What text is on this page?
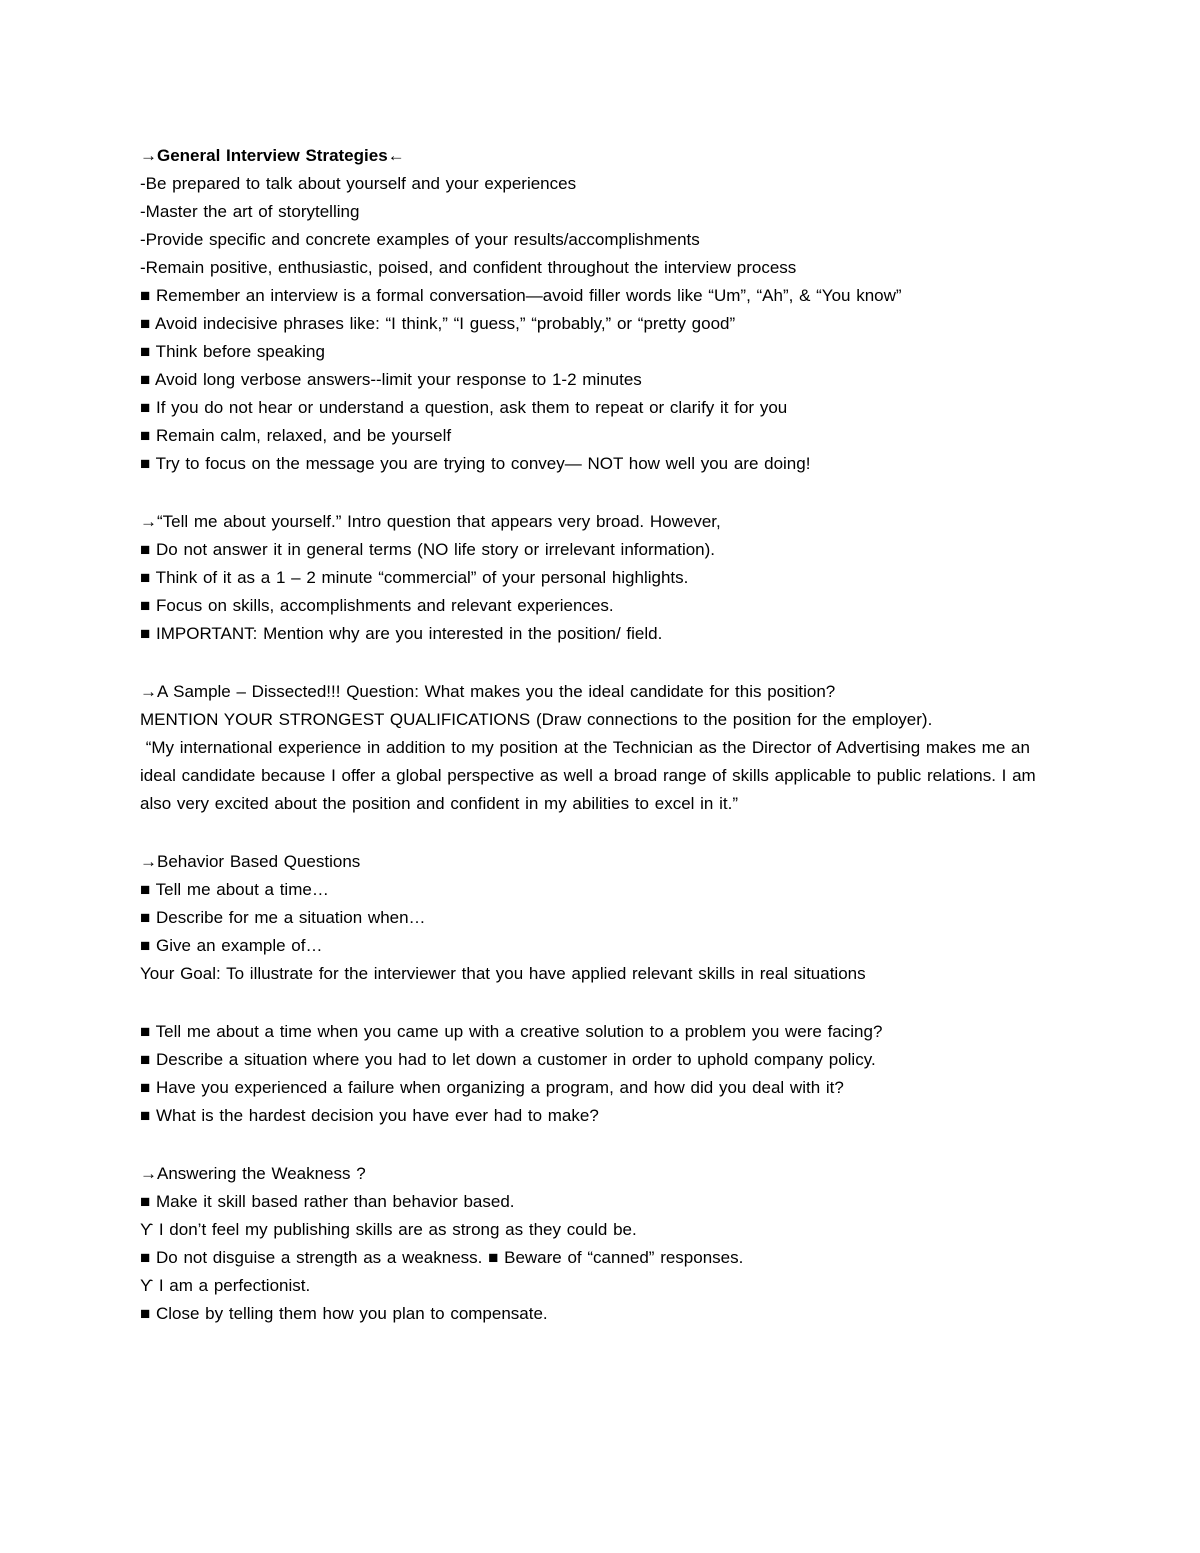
→General Interview Strategies←

-Be prepared to talk about yourself and your experiences

-Master the art of storytelling

-Provide specific and concrete examples of your results/accomplishments

-Remain positive, enthusiastic, poised, and confident throughout the interview process

■ Remember an interview is a formal conversation—avoid filler words like “Um”, “Ah”, & “You know”

■ Avoid indecisive phrases like: “I think,” “I guess,” “probably,” or “pretty good”

■ Think before speaking

■ Avoid long verbose answers--limit your response to 1-2 minutes

■ If you do not hear or understand a question, ask them to repeat or clarify it for you

■ Remain calm, relaxed, and be yourself

■ Try to focus on the message you are trying to convey— NOT how well you are doing!

→“Tell me about yourself.” Intro question that appears very broad. However,

■ Do not answer it in general terms (NO life story or irrelevant information).

■ Think of it as a 1 – 2 minute “commercial” of your personal highlights.

■ Focus on skills, accomplishments and relevant experiences.

■ IMPORTANT: Mention why are you interested in the position/ field.

→A Sample – Dissected!!! Question: What makes you the ideal candidate for this position?

MENTION YOUR STRONGEST QUALIFICATIONS (Draw connections to the position for the employer).

“My international experience in addition to my position at the Technician as the Director of Advertising makes me an ideal candidate because I offer a global perspective as well a broad range of skills applicable to public relations. I am also very excited about the position and confident in my abilities to excel in it.”

→Behavior Based Questions

■ Tell me about a time…

■ Describe for me a situation when…

■ Give an example of…

Your Goal: To illustrate for the interviewer that you have applied relevant skills in real situations

■ Tell me about a time when you came up with a creative solution to a problem you were facing?

■ Describe a situation where you had to let down a customer in order to uphold company policy.

■ Have you experienced a failure when organizing a program, and how did you deal with it?

■ What is the hardest decision you have ever had to make?

→Answering the Weakness ?

■ Make it skill based rather than behavior based.

ϒ I don’t feel my publishing skills are as strong as they could be.

■ Do not disguise a strength as a weakness. ■ Beware of “canned” responses.

ϒ I am a perfectionist.

■ Close by telling them how you plan to compensate.
